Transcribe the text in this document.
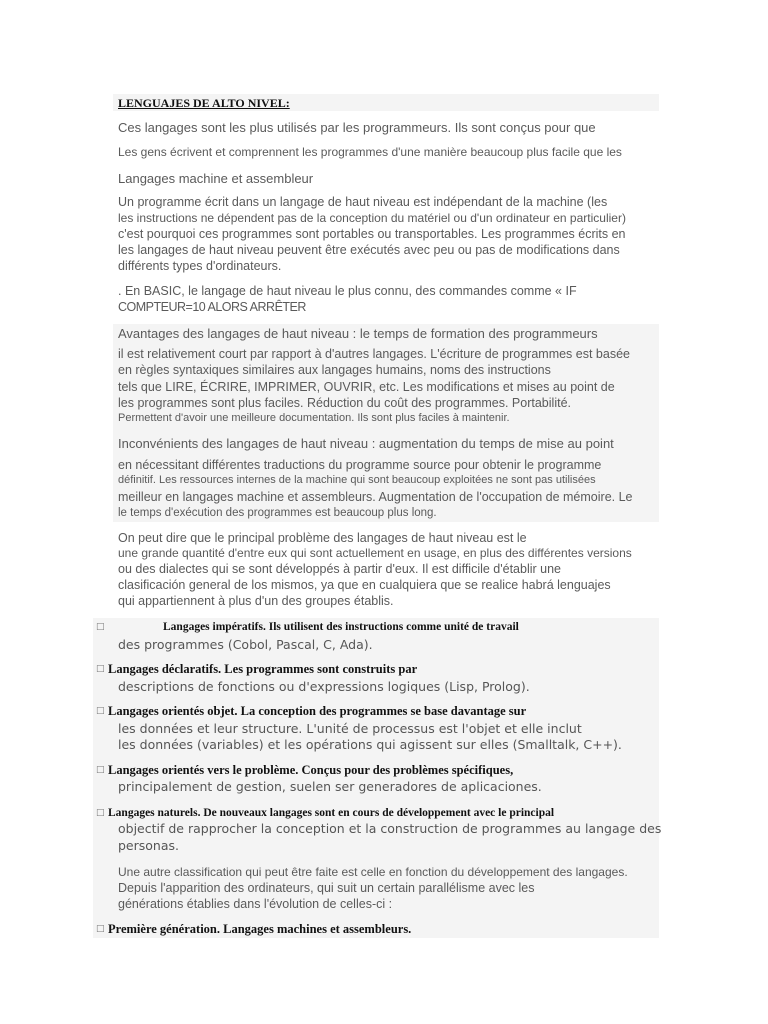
LENGUAJES DE ALTO NIVEL:
Ces langages sont les plus utilisés par les programmeurs. Ils sont conçus pour que
Les gens écrivent et comprennent les programmes d'une manière beaucoup plus facile que les
Langages machine et assembleur
Un programme écrit dans un langage de haut niveau est indépendant de la machine (les
les instructions ne dépendent pas de la conception du matériel ou d'un ordinateur en particulier)
c'est pourquoi ces programmes sont portables ou transportables. Les programmes écrits en
les langages de haut niveau peuvent être exécutés avec peu ou pas de modifications dans
différents types d'ordinateurs.
. En BASIC, le langage de haut niveau le plus connu, des commandes comme « IF
COMPTEUR=10 ALORS ARRÊTER
Avantages des langages de haut niveau : le temps de formation des programmeurs
il est relativement court par rapport à d'autres langages. L'écriture de programmes est basée
en règles syntaxiques similaires aux langages humains, noms des instructions
tels que LIRE, ÉCRIRE, IMPRIMER, OUVRIR, etc. Les modifications et mises au point de
les programmes sont plus faciles. Réduction du coût des programmes. Portabilité.
Permettent d'avoir une meilleure documentation. Ils sont plus faciles à maintenir.
Inconvénients des langages de haut niveau : augmentation du temps de mise au point
en nécessitant différentes traductions du programme source pour obtenir le programme
définitif. Les ressources internes de la machine qui sont beaucoup exploitées ne sont pas utilisées
meilleur en langages machine et assembleurs. Augmentation de l'occupation de mémoire. Le
le temps d'exécution des programmes est beaucoup plus long.
On peut dire que le principal problème des langages de haut niveau est le
une grande quantité d'entre eux qui sont actuellement en usage, en plus des différentes versions
ou des dialectes qui se sont développés à partir d'eux. Il est difficile d'établir une
clasificación general de los mismos, ya que en cualquiera que se realice habrá lenguajes
qui appartiennent à plus d'un des groupes établis.
□	Langages impératifs. Ils utilisent des instructions comme unité de travail
des programmes (Cobol, Pascal, C, Ada).
□ Langages déclaratifs. Les programmes sont construits par
descriptions de fonctions ou d'expressions logiques (Lisp, Prolog).
□ Langages orientés objet. La conception des programmes se base davantage sur
les données et leur structure. L'unité de processus est l'objet et elle inclut
les données (variables) et les opérations qui agissent sur elles (Smalltalk, C++).
□ Langages orientés vers le problème. Conçus pour des problèmes spécifiques,
principalement de gestion, suelen ser generadores de aplicaciones.
□ Langages naturels. De nouveaux langages sont en cours de développement avec le principal
objectif de rapprocher la conception et la construction de programmes au langage des
personas.
Une autre classification qui peut être faite est celle en fonction du développement des langages.
Depuis l'apparition des ordinateurs, qui suit un certain parallélisme avec les
générations établies dans l'évolution de celles-ci :
□ Première génération. Langages machines et assembleurs.
